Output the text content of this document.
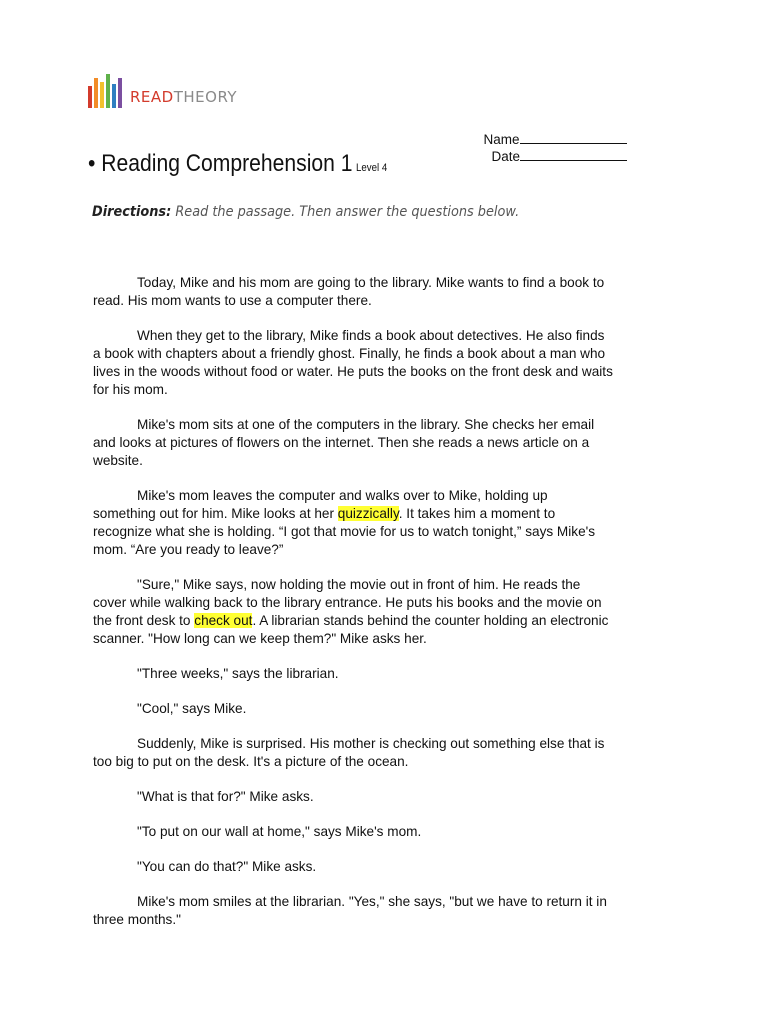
READTHEORY

Name

Date

• Reading Comprehension 1 Level 4
Directions: Read the passage. Then answer the questions below.

Today, Mike and his mom are going to the library. Mike wants to find a book to read. His mom wants to use a computer there.

When they get to the library, Mike finds a book about detectives. He also finds a book with chapters about a friendly ghost. Finally, he finds a book about a man who lives in the woods without food or water. He puts the books on the front desk and waits for his mom.

Mike's mom sits at one of the computers in the library. She checks her email and looks at pictures of flowers on the internet. Then she reads a news article on a website.

Mike's mom leaves the computer and walks over to Mike, holding up something out for him. Mike looks at her quizzically. It takes him a moment to recognize what she is holding. “I got that movie for us to watch tonight,” says Mike's mom. “Are you ready to leave?”

"Sure," Mike says, now holding the movie out in front of him. He reads the cover while walking back to the library entrance. He puts his books and the movie on the front desk to check out. A librarian stands behind the counter holding an electronic scanner. "How long can we keep them?" Mike asks her.

"Three weeks," says the librarian.

"Cool," says Mike.

Suddenly, Mike is surprised. His mother is checking out something else that is too big to put on the desk. It's a picture of the ocean.

"What is that for?" Mike asks.

"To put on our wall at home," says Mike's mom.

"You can do that?" Mike asks.

Mike's mom smiles at the librarian. "Yes," she says, "but we have to return it in three months."
